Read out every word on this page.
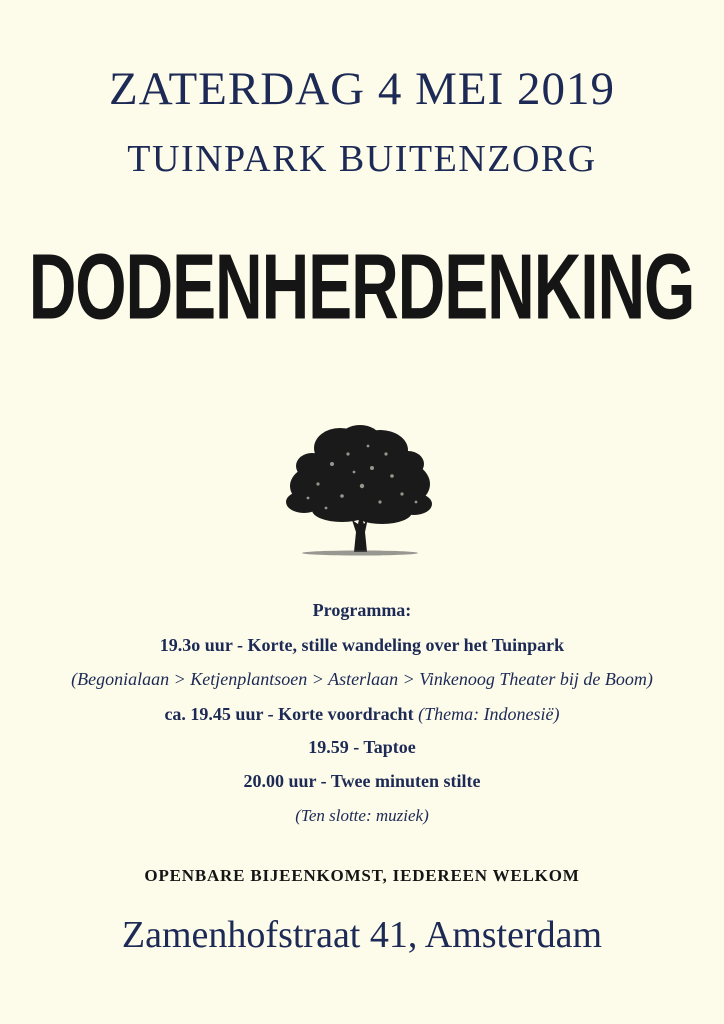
ZATERDAG 4 MEI 2019
TUINPARK BUITENZORG
DODENHERDENKING
Programma:
19.3o uur - Korte, stille wandeling over het Tuinpark
(Begonialaan > Ketjenplantsoen > Asterlaan > Vinkenoog Theater bij de Boom)
ca. 19.45 uur - Korte voordracht (Thema: Indonesië)
19.59 - Taptoe
20.00 uur - Twee minuten stilte
(Ten slotte: muziek)
OPENBARE BIJEENKOMST, IEDEREEN WELKOM
Zamenhofstraat 41, Amsterdam
